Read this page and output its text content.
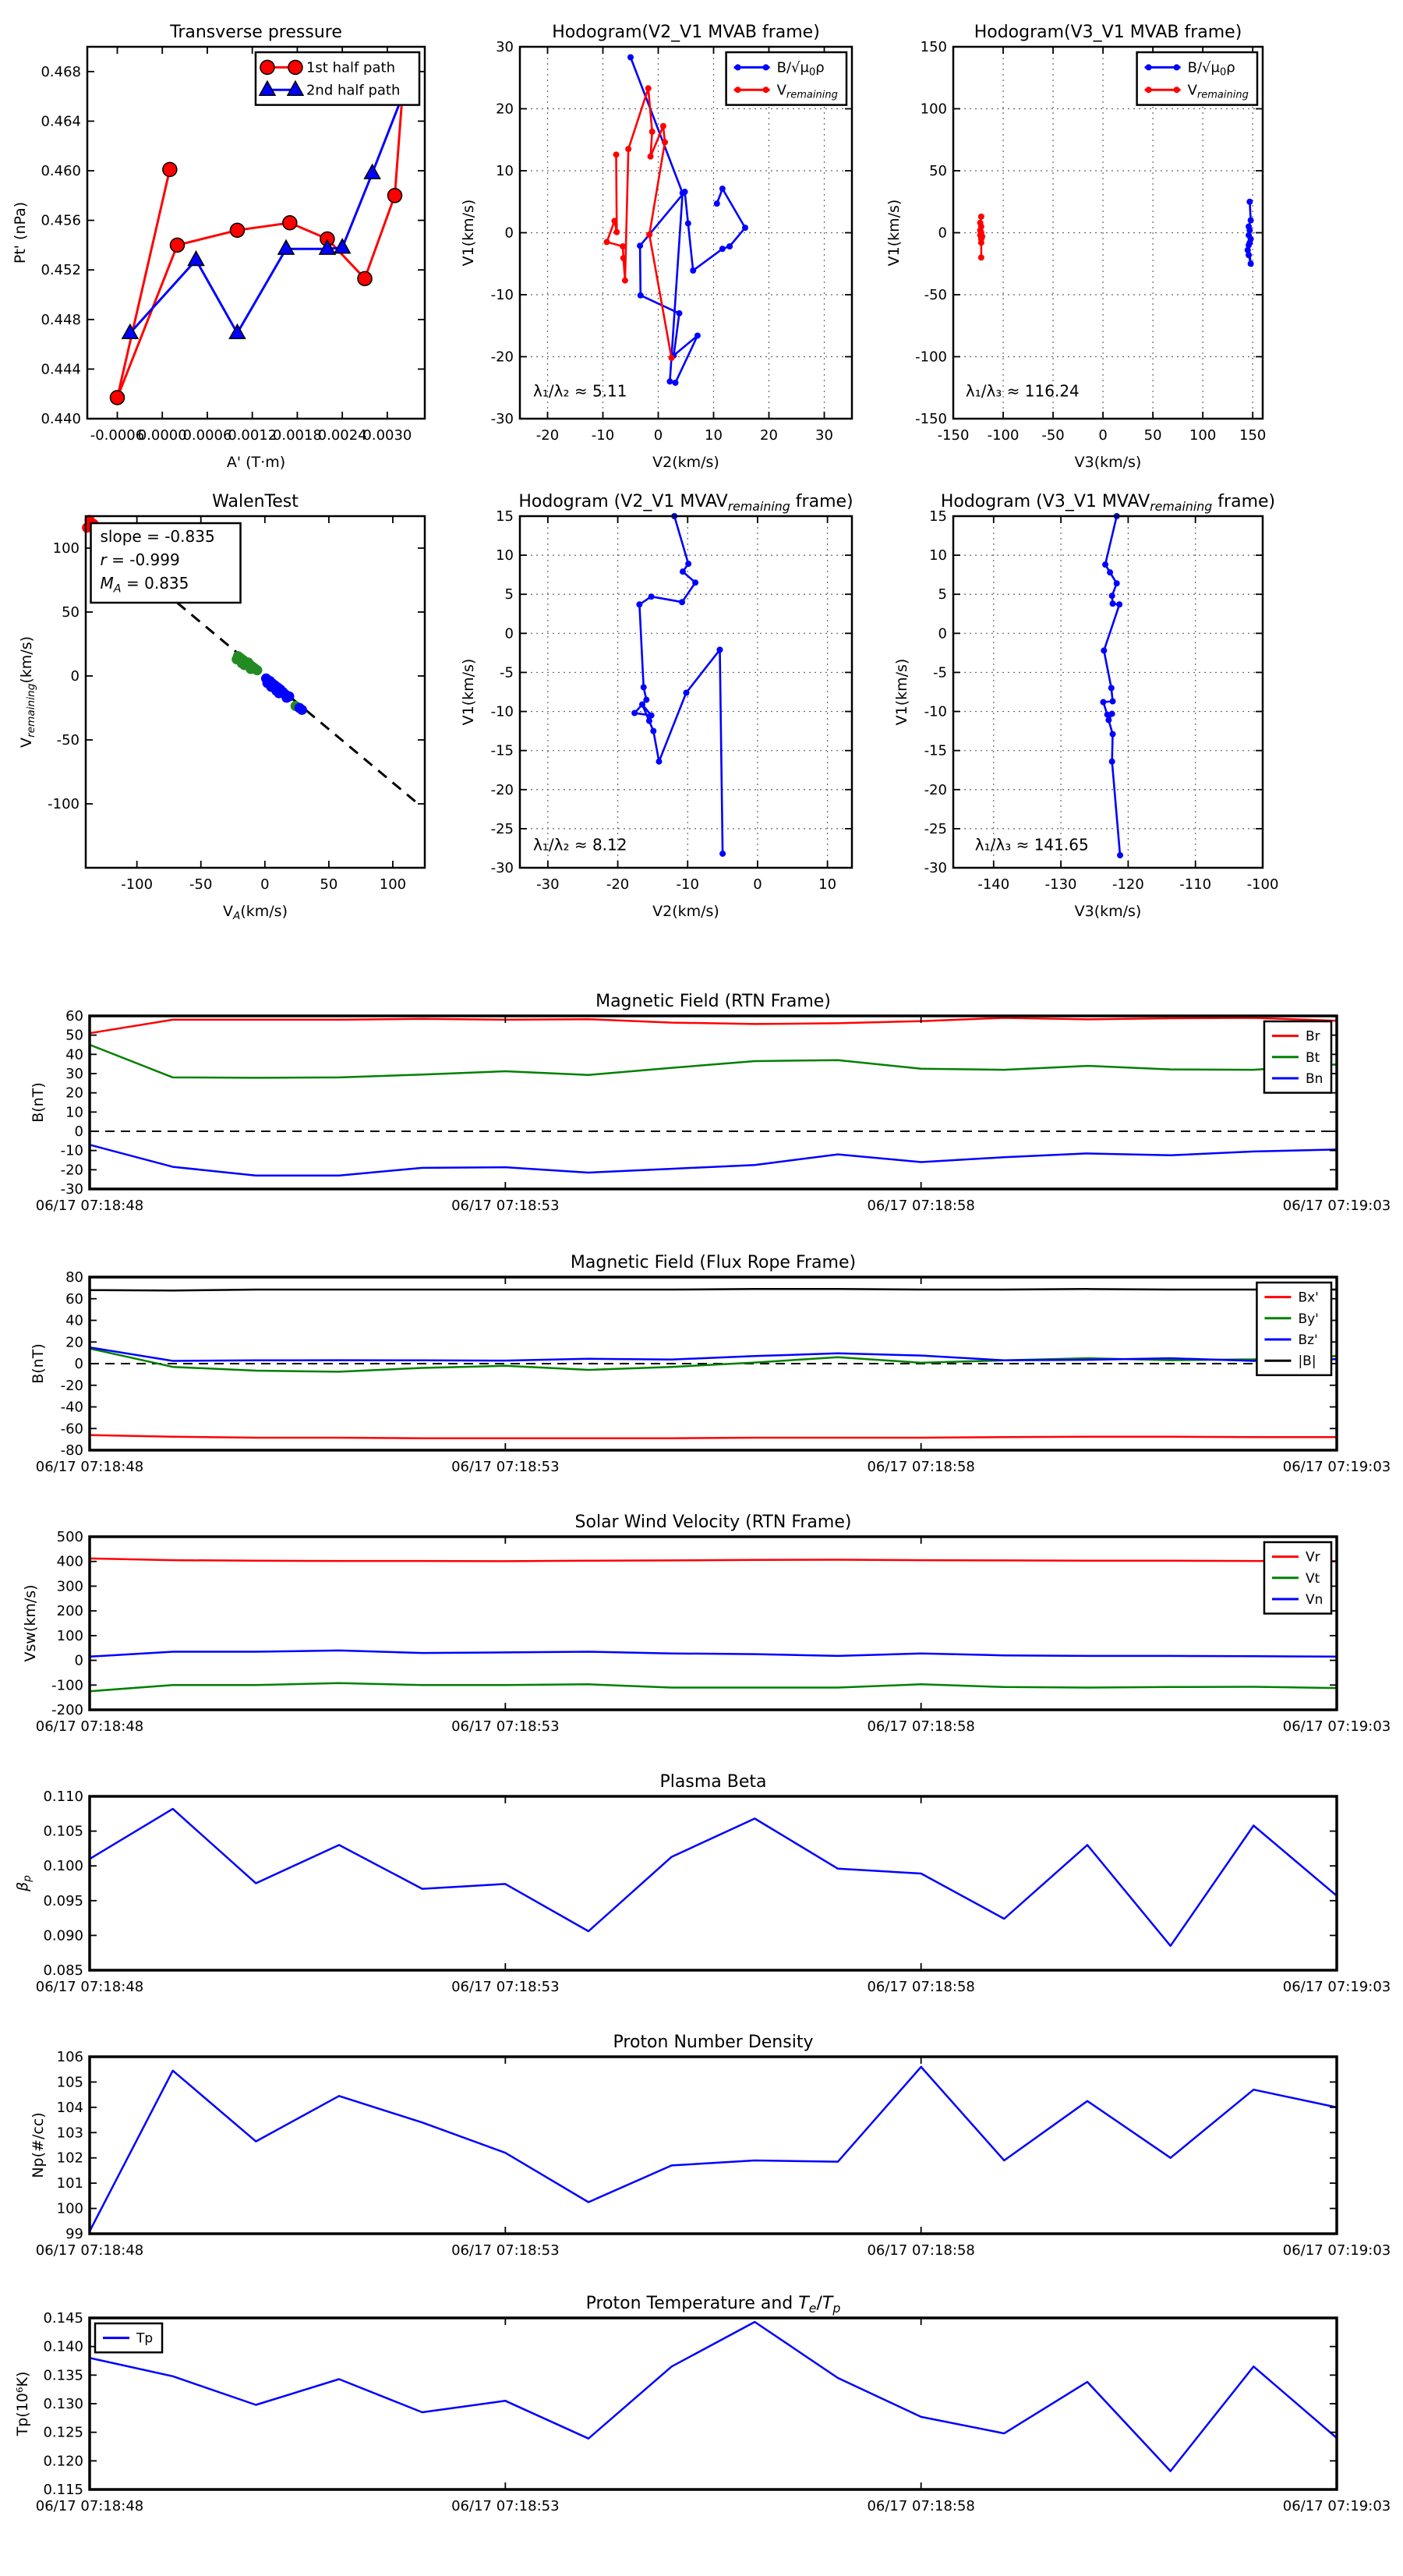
-0.0006
0.0000
0.0006
0.0012
0.0018
0.0024
0.0030
0.440
0.444
0.448
0.452
0.456
0.460
0.464
0.468
A' (T·m)
Pt' (nPa)
Transverse pressure
1st half path
2nd half path
-20 -10	0	10	20	30
-30
-20
-10
0
10
20
30
V2(km/s)
V1(km/s)
Hodogram(V2_V1 MVAB frame)
λ₁/λ₂ ≈ 5.11
$B/√\mu_0\rho$
$V_{remaining}$
-150 -100 -50 0	50 100 150
-150
-100
-50
0
50
100
150
V3(km/s)
V1(km/s)
Hodogram(V3_V1 MVAB frame)
λ₁/λ₃ ≈ 116.24
$B/√\mu_0\rho$
$V_{remaining}$
-100	-50	0	50	100
-100
-50
0
50
100
$V_A(km/s)$
$V_{remaining}(km/s)$
WalenTest
slope = -0.835
r = -0.999
$M_A = 0.835$
-30	-20	-10	0	10
-30
-25
-20
-15
-10
-5
0
5
10
15
V2(km/s)
V1(km/s)
Hodogram (V2_V1 $MVAV_{remaining}$ frame)
λ₁/λ₂ ≈ 8.12
-140	-130	-120	-110	-100
-30
-25
-20
-15
-10
-5
0
5
10
15
V3(km/s)
V1(km/s)
Hodogram (V3_V1 $MVAV_{remaining}$ frame)
λ₁/λ₃ ≈ 141.65
06/17 07:18:48	06/17 07:18:53	06/17 07:18:58	06/17 07:19:03
-30
-20
-10
0
10
20
30
40
50
60
B(nT)
Magnetic Field (RTN Frame)
Br
Bt
Bn
06/17 07:18:48	06/17 07:18:53	06/17 07:18:58	06/17 07:19:03
-80
-60
-40
-20
0
20
40
60
80
B(nT)
Magnetic Field (Flux Rope Frame)
Bx'
By'
Bz'
|B|
06/17 07:18:48	06/17 07:18:53	06/17 07:18:58	06/17 07:19:03
-200
-100
0
100
200
300
400
500
Vsw(km/s)
Solar Wind Velocity (RTN Frame)
Vr
Vt
Vn
06/17 07:18:48	06/17 07:18:53	06/17 07:18:58	06/17 07:19:03
0.085
0.090
0.095
0.100
0.105
0.110
$\beta_p$
Plasma Beta
06/17 07:18:48	06/17 07:18:53	06/17 07:18:58	06/17 07:19:03
99
100
101
102
103
104
105
106
Np(#/cc)
Proton Number Density
06/17 07:18:48	06/17 07:18:53	06/17 07:18:58	06/17 07:19:03
0.115
0.120
0.125
0.130
0.135
0.140
0.145
Tp(10⁶K)
Proton Temperature and $T_e/T_p$
Tp
